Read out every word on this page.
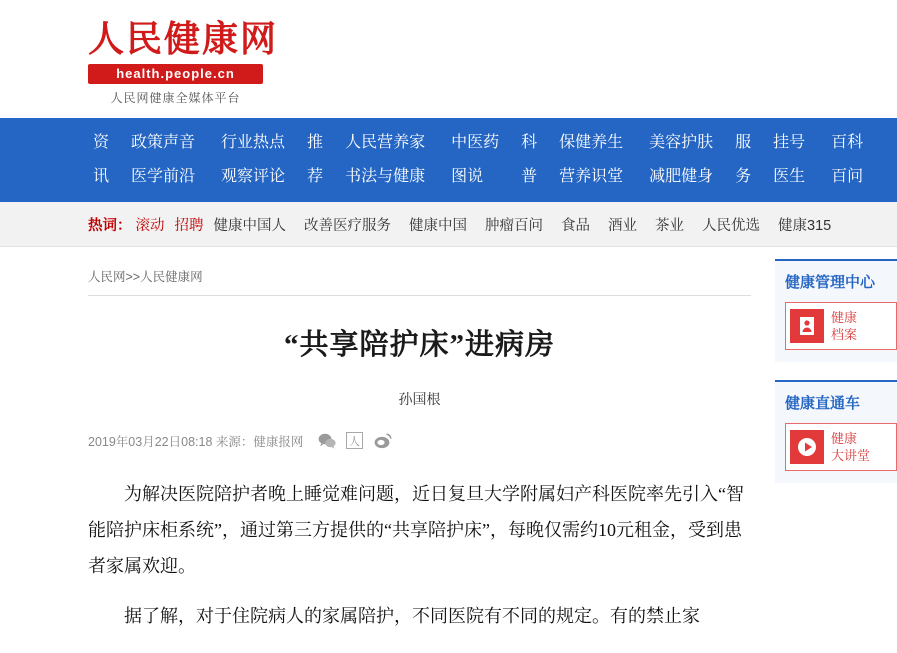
人民健康网
health.people.cn
人民网健康全媒体平台
资
讯
政策声音
医学前沿
行业热点
观察评论
推
荐
人民营养家
书法与健康
中医药
图说
科
普
保健养生
营养识堂
美容护肤
减肥健身
服
务
挂号
医生
百科
百问
热词： 滚动 招聘 健康中国人 改善医疗服务 健康中国 肿瘤百问 食品 酒业 茶业 人民优选 健康315
人民网>>人民健康网
“共享陪护床”进病房
孙国根
2019年03月22日08:18 来源：健康报网	人

为解决医院陪护者晚上睡觉难问题，近日复旦大学附属妇产科医院率先引入“智能陪护床柜系统”，通过第三方提供的“共享陪护床”，每晚仅需约10元租金，受到患者家属欢迎。

据了解，对于住院病人的家属陪护，不同医院有不同的规定。有的禁止家

健康管理中心
健康
档案
健康直通车
健康
大讲堂
